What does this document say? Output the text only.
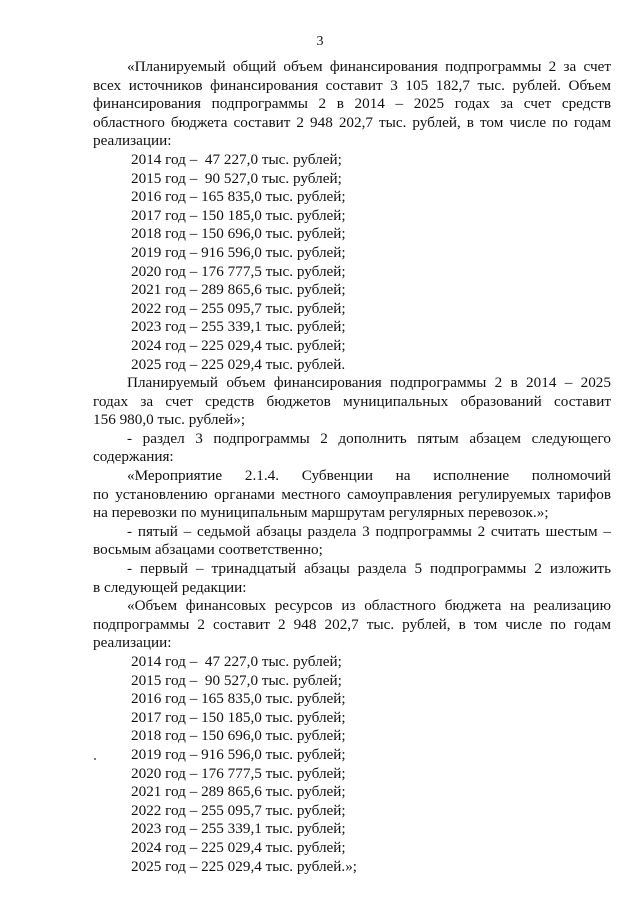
3

«Планируемый общий объем финансирования подпрограммы 2 за счет

всех источников финансирования составит 3 105 182,7 тыс. рублей. Объем

финансирования подпрограммы 2 в 2014 – 2025 годах за счет средств

областного бюджета составит 2 948 202,7 тыс. рублей, в том числе по годам

реализации:

2014 год –  47 227,0 тыс. рублей;
2015 год –  90 527,0 тыс. рублей;
2016 год – 165 835,0 тыс. рублей;
2017 год – 150 185,0 тыс. рублей;
2018 год – 150 696,0 тыс. рублей;
2019 год – 916 596,0 тыс. рублей;
2020 год – 176 777,5 тыс. рублей;
2021 год – 289 865,6 тыс. рублей;
2022 год – 255 095,7 тыс. рублей;
2023 год – 255 339,1 тыс. рублей;
2024 год – 225 029,4 тыс. рублей;
2025 год – 225 029,4 тыс. рублей.

Планируемый объем финансирования подпрограммы 2 в 2014 – 2025

годах за счет средств бюджетов муниципальных образований составит

156 980,0 тыс. рублей»;

- раздел 3 подпрограммы 2 дополнить пятым абзацем следующего

содержания:

«Мероприятие 2.1.4. Субвенции на исполнение полномочий

по установлению органами местного самоуправления регулируемых тарифов

на перевозки по муниципальным маршрутам регулярных перевозок.»;

- пятый – седьмой абзацы раздела 3 подпрограммы 2 считать шестым –

восьмым абзацами соответственно;

- первый – тринадцатый абзацы раздела 5 подпрограммы 2 изложить

в следующей редакции:

«Объем финансовых ресурсов из областного бюджета на реализацию

подпрограммы 2 составит 2 948 202,7 тыс. рублей, в том числе по годам

реализации:

2014 год –  47 227,0 тыс. рублей;
2015 год –  90 527,0 тыс. рублей;
2016 год – 165 835,0 тыс. рублей;
2017 год – 150 185,0 тыс. рублей;
2018 год – 150 696,0 тыс. рублей;
2019 год – 916 596,0 тыс. рублей;
2020 год – 176 777,5 тыс. рублей;
2021 год – 289 865,6 тыс. рублей;
2022 год – 255 095,7 тыс. рублей;
2023 год – 255 339,1 тыс. рублей;
2024 год – 225 029,4 тыс. рублей;
2025 год – 225 029,4 тыс. рублей.»;
